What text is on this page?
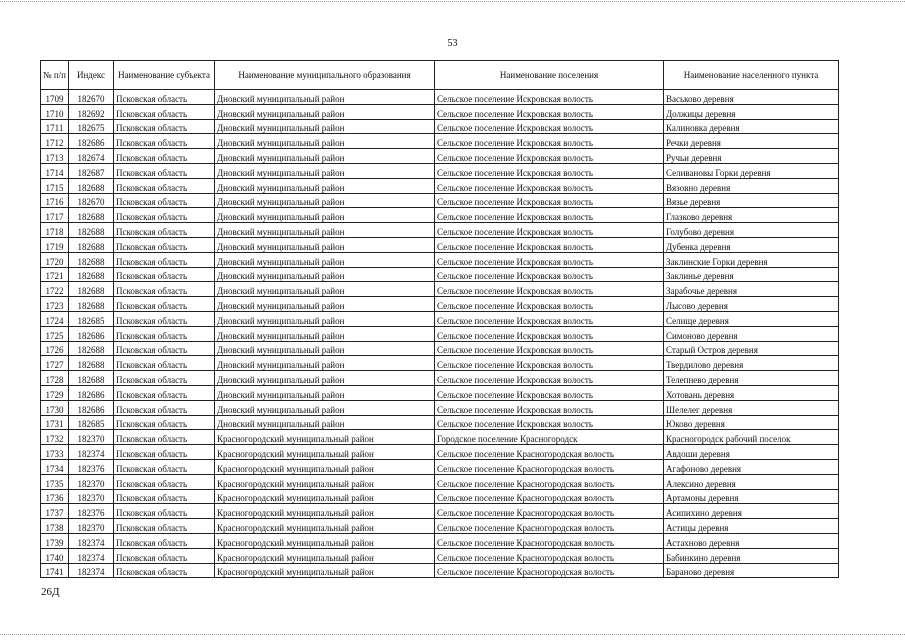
53
№ п/п	Индекс	Наименование субъекта	Наименование муниципального образования	Наименование поселения	Наименование населенного пункта
1709	182670	Псковская область	Дновский муниципальный район	Сельское поселение Искровская волость	Васьково деревня
1710	182692	Псковская область	Дновский муниципальный район	Сельское поселение Искровская волость	Должицы деревня
1711	182675	Псковская область	Дновский муниципальный район	Сельское поселение Искровская волость	Калиновка деревня
1712	182686	Псковская область	Дновский муниципальный район	Сельское поселение Искровская волость	Речки деревня
1713	182674	Псковская область	Дновский муниципальный район	Сельское поселение Искровская волость	Ручьи деревня
1714	182687	Псковская область	Дновский муниципальный район	Сельское поселение Искровская волость	Селивановы Горки деревня
1715	182688	Псковская область	Дновский муниципальный район	Сельское поселение Искровская волость	Вязовно деревня
1716	182670	Псковская область	Дновский муниципальный район	Сельское поселение Искровская волость	Вязье деревня
1717	182688	Псковская область	Дновский муниципальный район	Сельское поселение Искровская волость	Глазково деревня
1718	182688	Псковская область	Дновский муниципальный район	Сельское поселение Искровская волость	Голубово деревня
1719	182688	Псковская область	Дновский муниципальный район	Сельское поселение Искровская волость	Дубенка деревня
1720	182688	Псковская область	Дновский муниципальный район	Сельское поселение Искровская волость	Заклинские Горки деревня
1721	182688	Псковская область	Дновский муниципальный район	Сельское поселение Искровская волость	Заклинье деревня
1722	182688	Псковская область	Дновский муниципальный район	Сельское поселение Искровская волость	Зарабочье деревня
1723	182688	Псковская область	Дновский муниципальный район	Сельское поселение Искровская волость	Лысово деревня
1724	182685	Псковская область	Дновский муниципальный район	Сельское поселение Искровская волость	Селище деревня
1725	182686	Псковская область	Дновский муниципальный район	Сельское поселение Искровская волость	Симоново деревня
1726	182688	Псковская область	Дновский муниципальный район	Сельское поселение Искровская волость	Старый Остров деревня
1727	182688	Псковская область	Дновский муниципальный район	Сельское поселение Искровская волость	Твердилово деревня
1728	182688	Псковская область	Дновский муниципальный район	Сельское поселение Искровская волость	Телепнево деревня
1729	182686	Псковская область	Дновский муниципальный район	Сельское поселение Искровская волость	Хотовань деревня
1730	182686	Псковская область	Дновский муниципальный район	Сельское поселение Искровская волость	Шелелег деревня
1731	182685	Псковская область	Дновский муниципальный район	Сельское поселение Искровская волость	Юково деревня
1732	182370	Псковская область	Красногородский муниципальный район	Городское поселение Красногородск	Красногородск рабочий поселок
1733	182374	Псковская область	Красногородский муниципальный район	Сельское поселение Красногородская волость	Авдоши деревня
1734	182376	Псковская область	Красногородский муниципальный район	Сельское поселение Красногородская волость	Агафоново деревня
1735	182370	Псковская область	Красногородский муниципальный район	Сельское поселение Красногородская волость	Алексино деревня
1736	182370	Псковская область	Красногородский муниципальный район	Сельское поселение Красногородская волость	Артамоны деревня
1737	182376	Псковская область	Красногородский муниципальный район	Сельское поселение Красногородская волость	Асипихино деревня
1738	182370	Псковская область	Красногородский муниципальный район	Сельское поселение Красногородская волость	Астицы деревня
1739	182374	Псковская область	Красногородский муниципальный район	Сельское поселение Красногородская волость	Астахново деревня
1740	182374	Псковская область	Красногородский муниципальный район	Сельское поселение Красногородская волость	Бабинкино деревня
1741	182374	Псковская область	Красногородский муниципальный район	Сельское поселение Красногородская волость	Бараново деревня
26Д
